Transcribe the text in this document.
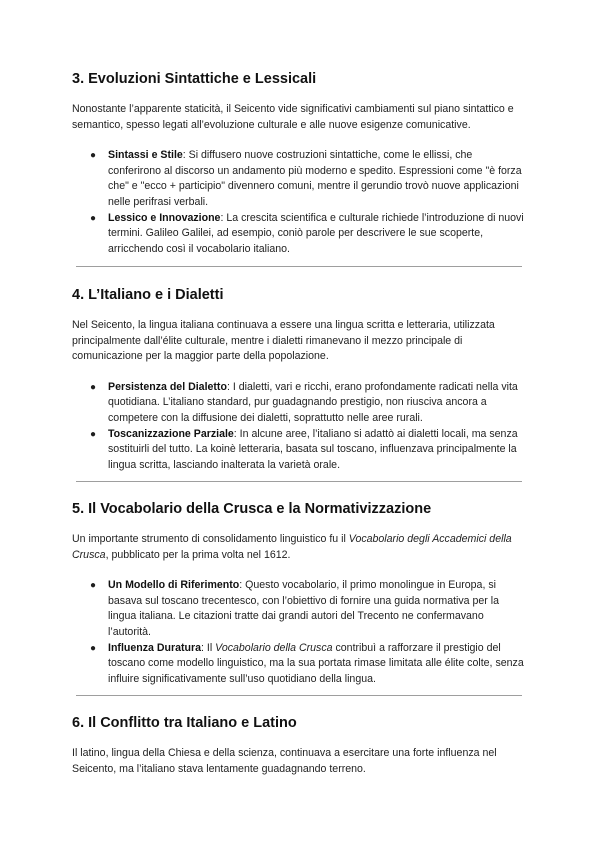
3. Evoluzioni Sintattiche e Lessicali

Nonostante l’apparente staticità, il Seicento vide significativi cambiamenti sul piano sintattico e semantico, spesso legati all’evoluzione culturale e alle nuove esigenze comunicative.

● Sintassi e Stile: Si diffusero nuove costruzioni sintattiche, come le ellissi, che conferirono al discorso un andamento più moderno e spedito. Espressioni come "è forza che" e "ecco + participio" divennero comuni, mentre il gerundio trovò nuove applicazioni nelle perifrasi verbali.
● Lessico e Innovazione: La crescita scientifica e culturale richiede l’introduzione di nuovi termini. Galileo Galilei, ad esempio, coniò parole per descrivere le sue scoperte, arricchendo così il vocabolario italiano.
4. L’Italiano e i Dialetti

Nel Seicento, la lingua italiana continuava a essere una lingua scritta e letteraria, utilizzata principalmente dall’élite culturale, mentre i dialetti rimanevano il mezzo principale di comunicazione per la maggior parte della popolazione.

● Persistenza del Dialetto: I dialetti, vari e ricchi, erano profondamente radicati nella vita quotidiana. L’italiano standard, pur guadagnando prestigio, non riusciva ancora a competere con la diffusione dei dialetti, soprattutto nelle aree rurali.
● Toscanizzazione Parziale: In alcune aree, l’italiano si adattò ai dialetti locali, ma senza sostituirli del tutto. La koinè letteraria, basata sul toscano, influenzava principalmente la lingua scritta, lasciando inalterata la varietà orale.
5. Il Vocabolario della Crusca e la Normativizzazione

Un importante strumento di consolidamento linguistico fu il Vocabolario degli Accademici della Crusca, pubblicato per la prima volta nel 1612.

● Un Modello di Riferimento: Questo vocabolario, il primo monolingue in Europa, si basava sul toscano trecentesco, con l’obiettivo di fornire una guida normativa per la lingua italiana. Le citazioni tratte dai grandi autori del Trecento ne confermavano l’autorità.
● Influenza Duratura: Il Vocabolario della Crusca contribuì a rafforzare il prestigio del toscano come modello linguistico, ma la sua portata rimase limitata alle élite colte, senza influire significativamente sull’uso quotidiano della lingua.
6. Il Conflitto tra Italiano e Latino

Il latino, lingua della Chiesa e della scienza, continuava a esercitare una forte influenza nel Seicento, ma l’italiano stava lentamente guadagnando terreno.
